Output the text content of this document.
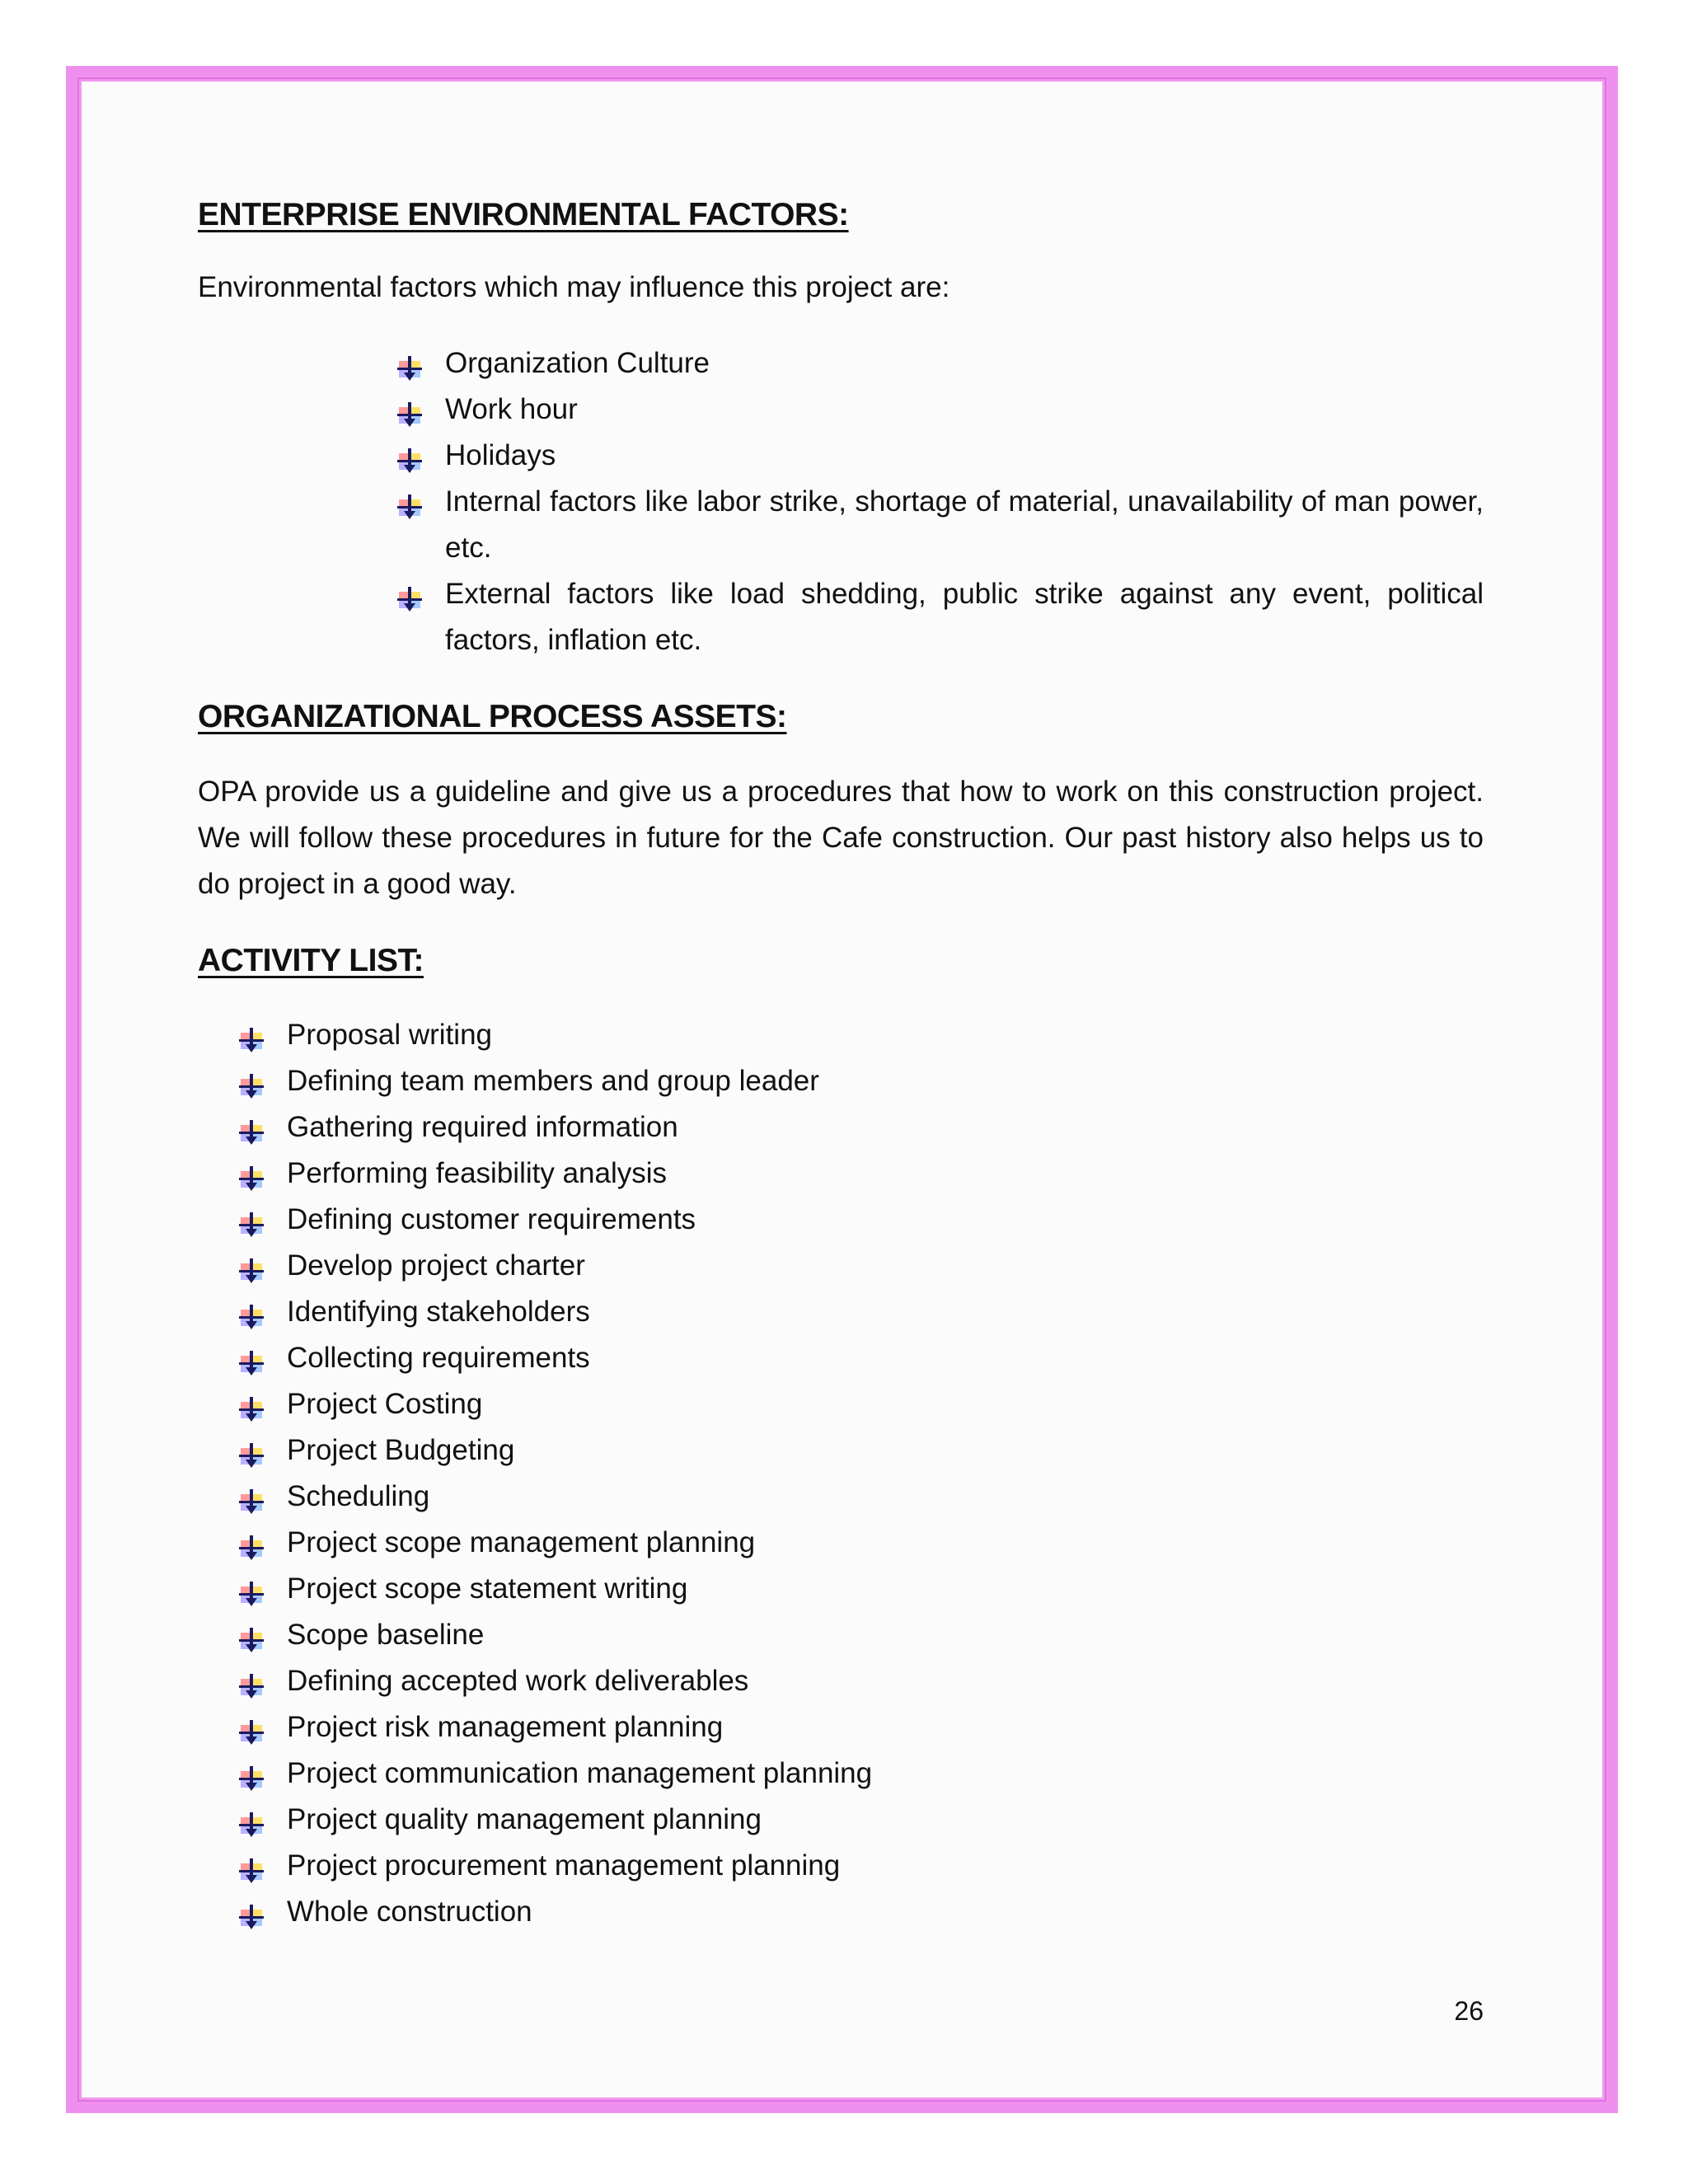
ENTERPRISE ENVIRONMENTAL FACTORS:

Environmental factors which may influence this project are:

Organization Culture
Work hour
Holidays
Internal factors like labor strike, shortage of material, unavailability of man power, etc.
External factors like load shedding, public strike against any event, political factors, inflation etc.
ORGANIZATIONAL PROCESS ASSETS:

OPA provide us a guideline and give us a procedures that how to work on this construction project. We will follow these procedures in future for the Cafe construction. Our past history also helps us to do project in a good way.

ACTIVITY LIST:
Proposal writing
Defining team members and group leader
Gathering required information
Performing feasibility analysis
Defining customer requirements
Develop project charter
Identifying stakeholders
Collecting requirements
Project Costing
Project Budgeting
Scheduling
Project scope management planning
Project scope statement writing
Scope baseline
Defining accepted work deliverables
Project risk management planning
Project communication management planning
Project quality management planning
Project procurement management planning
Whole construction
26
